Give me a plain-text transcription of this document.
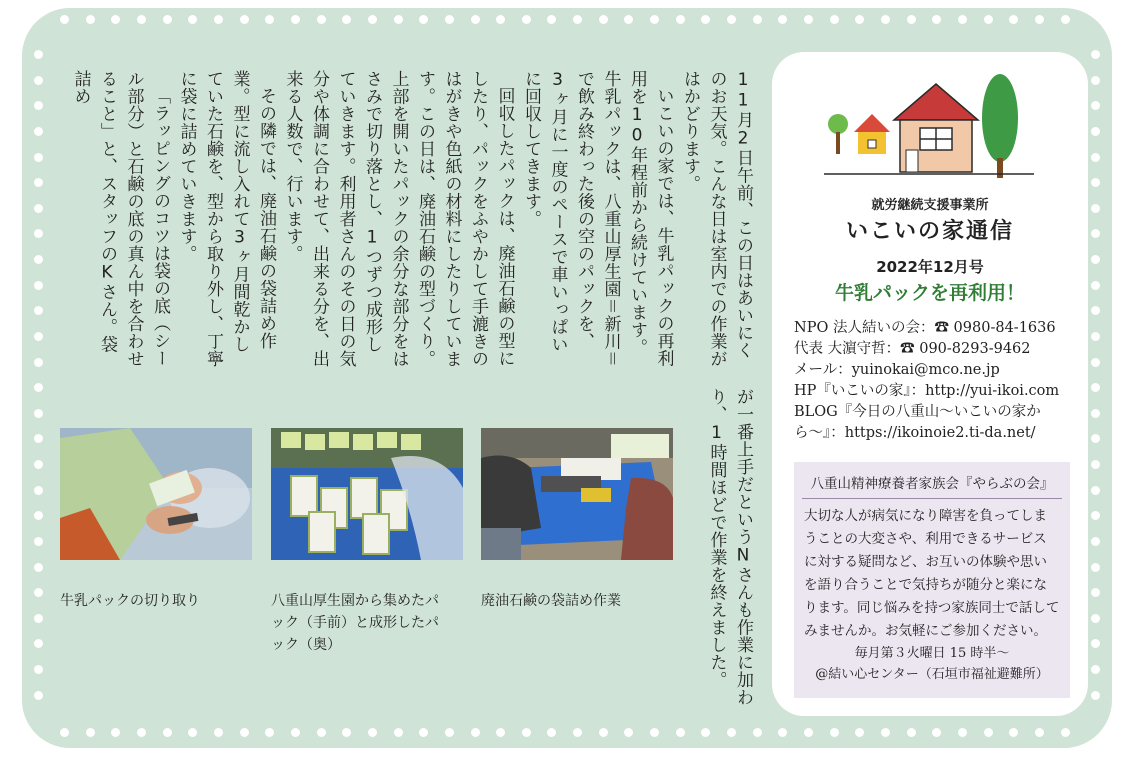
11月2日午前、この日はあいにくのお天気。こんな日は室内での作業がはかどります。

いこいの家では、牛乳パックの再利用を10年程前から続けています。牛乳パックは、八重山厚生園＝新川＝で飲み終わった後の空のパックを、3ヶ月に一度のペースで車いっぱいに回収してきます。

回収したパックは、廃油石鹸の型にしたり、パックをふやかして手漉きのはがきや色紙の材料にしたりしています。この日は、廃油石鹸の型づくり。上部を開いたパックの余分な部分をはさみで切り落とし、1つずつ成形していきます。利用者さんのその日の気分や体調に合わせて、出来る分を、出来る人数で、行います。

その隣では、廃油石鹸の袋詰め作業。型に流し入れて3ヶ月間乾かしていた石鹸を、型から取り外し、丁寧に袋に詰めていきます。

「ラッピングのコツは袋の底（シール部分）と石鹸の底の真ん中を合わせること」と、スタッフのKさん。袋詰め

が一番上手だというNさんも作業に加わり、1時間ほどで作業を終えました。

牛乳パックの切り取り	八重山厚生園から集めたパック（手前）と成形したパック（奥）
廃油石鹸の袋詰め作業
就労継続支援事業所
いこいの家通信
2022年12月号
牛乳パックを再利用！
NPO 法人結いの会：☎ 0980-84-1636
代表 大濵守哲：☎ 090-8293-9462
メール：yuinokai@mco.ne.jp
HP『いこいの家』：http://yui-ikoi.com
BLOG『今日の八重山〜いこいの家から〜』：https://ikoinoie2.ti-da.net/
八重山精神療養者家族会『やらぶの会』
大切な人が病気になり障害を負ってしまうことの大変さや、利用できるサービスに対する疑問など、お互いの体験や思いを語り合うことで気持ちが随分と楽になります。同じ悩みを持つ家族同士で話してみませんか。お気軽にご参加ください。
毎月第３火曜日 15 時半〜
@結い心センター（石垣市福祉避難所）
